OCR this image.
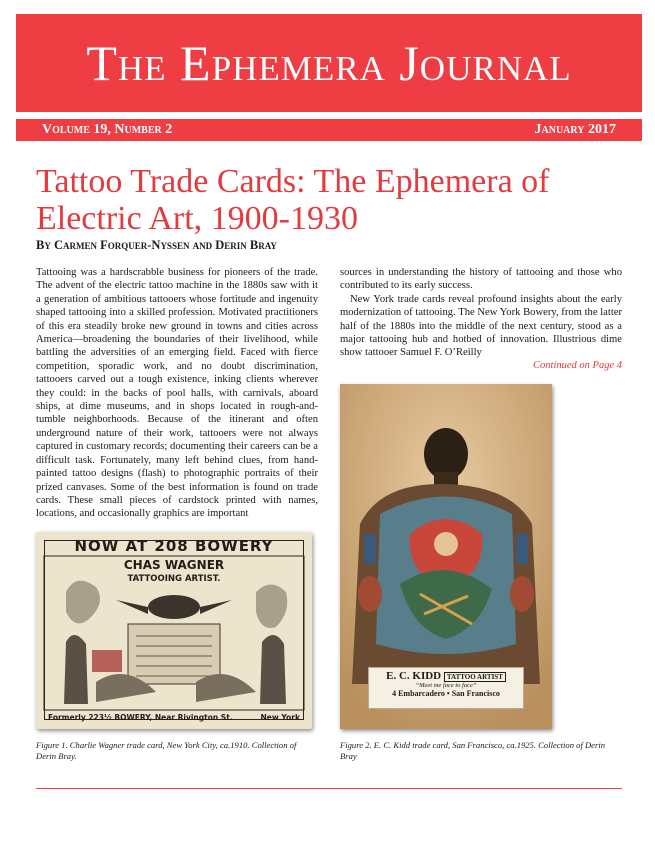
The Ephemera Journal
Volume 19, Number 2	January 2017
Tattoo Trade Cards: The Ephemera of Electric Art, 1900-1930
By Carmen Forquer-Nyssen and Derin Bray
Tattooing was a hardscrabble business for pioneers of the trade. The advent of the electric tattoo machine in the 1880s saw with it a generation of ambitious tattooers whose fortitude and ingenuity shaped tattooing into a skilled profession. Motivated practitioners of this era steadily broke new ground in towns and cities across America—broadening the boundaries of their livelihood, while battling the adversities of an emerging field. Faced with fierce competition, sporadic work, and no doubt discrimination, tattooers carved out a tough existence, inking clients wherever they could: in the backs of pool halls, with carnivals, aboard ships, at dime museums, and in shops located in rough-and-tumble neighborhoods. Because of the itinerant and often underground nature of their work, tattooers were not always captured in customary records; documenting their careers can be a difficult task. Fortunately, many left behind clues, from hand-painted tattoo designs (flash) to photographic portraits of their prized canvases. Some of the best information is found on trade cards. These small pieces of cardstock printed with names, locations, and occasionally graphics are important

sources in understanding the history of tattooing and those who contributed to its early success.

New York trade cards reveal profound insights about the early modernization of tattooing. The New York Bowery, from the latter half of the 1880s into the middle of the next century, stood as a major tattooing hub and hotbed of innovation. Illustrious dime show tattooer Samuel F. O’Reilly

Continued on Page 4
NOW AT 208 BOWERY
CHAS WAGNER
TATTOOING ARTIST.
Formerly 223½ BOWERY, Near Rivington St.	New York
E. C. KIDD TATTOO ARTIST
“Meet me face to face”
4 Embarcadero • San Francisco
Figure 1. Charlie Wagner trade card, New York City, ca.1910. Collection of Derin Bray.
Figure 2. E. C. Kidd trade card, San Francisco, ca.1925. Collection of Derin Bray
